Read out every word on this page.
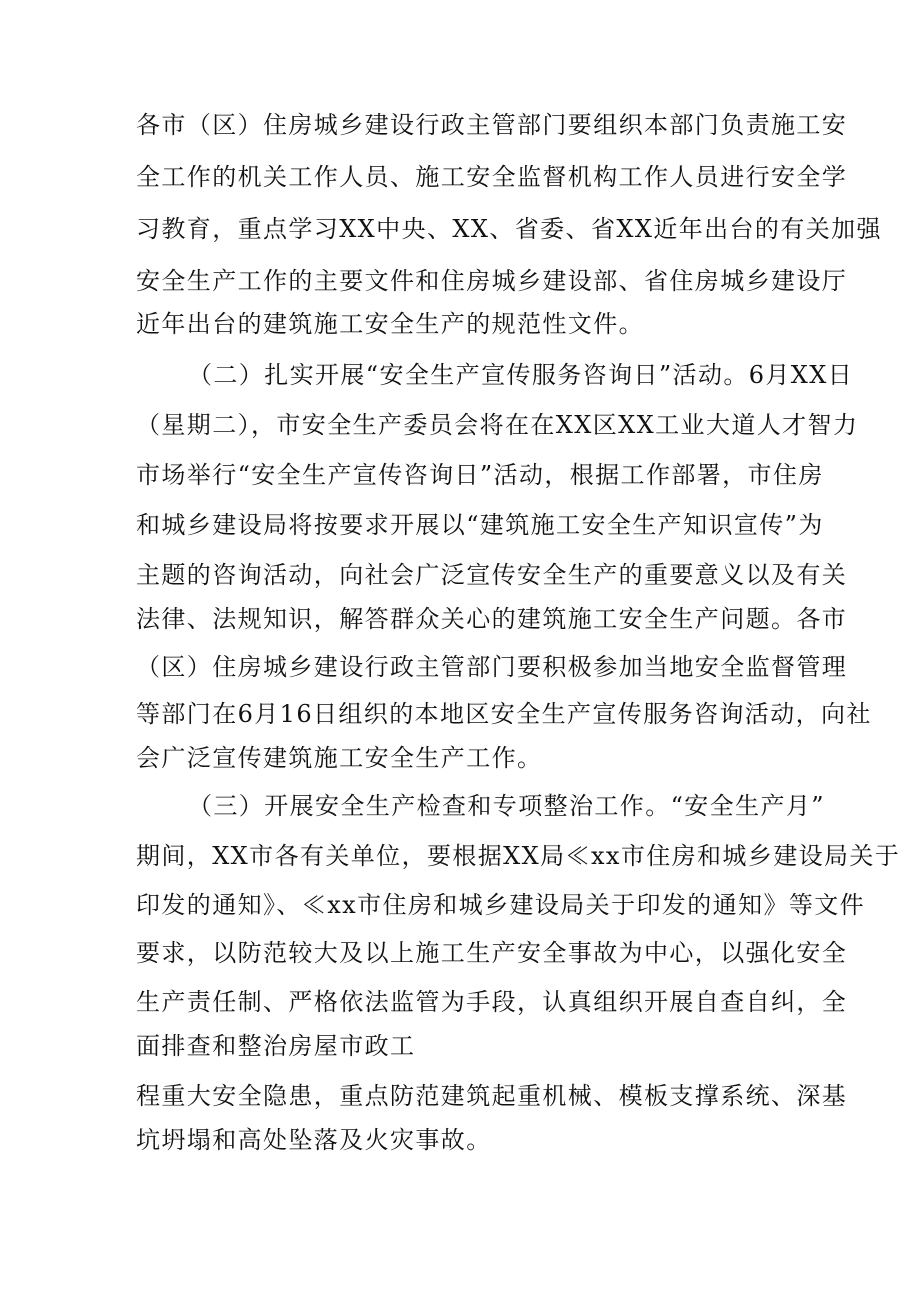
各市（区）住房城乡建设行政主管部门要组织本部门负责施工安
全工作的机关工作人员、施工安全监督机构工作人员进行安全学
习教育，重点学习XX中央、XX、省委、省XX近年出台的有关加强
安全生产工作的主要文件和住房城乡建设部、省住房城乡建设厅
近年出台的建筑施工安全生产的规范性文件。
（二）扎实开展“安全生产宣传服务咨询日”活动。6月XX日
（星期二），市安全生产委员会将在在XX区XX工业大道人才智力
市场举行“安全生产宣传咨询日”活动，根据工作部署，市住房
和城乡建设局将按要求开展以“建筑施工安全生产知识宣传”为
主题的咨询活动，向社会广泛宣传安全生产的重要意义以及有关
法律、法规知识，解答群众关心的建筑施工安全生产问题。各市
（区）住房城乡建设行政主管部门要积极参加当地安全监督管理
等部门在6月16日组织的本地区安全生产宣传服务咨询活动，向社
会广泛宣传建筑施工安全生产工作。
（三）开展安全生产检查和专项整治工作。“安全生产月”
期间，XX市各有关单位，要根据XX局≪xx市住房和城乡建设局关于
印发的通知》、≪xx市住房和城乡建设局关于印发的通知》等文件
要求，以防范较大及以上施工生产安全事故为中心，以强化安全
生产责任制、严格依法监管为手段，认真组织开展自查自纠，全
面排查和整治房屋市政工
程重大安全隐患，重点防范建筑起重机械、模板支撑系统、深基
坑坍塌和高处坠落及火灾事故。
